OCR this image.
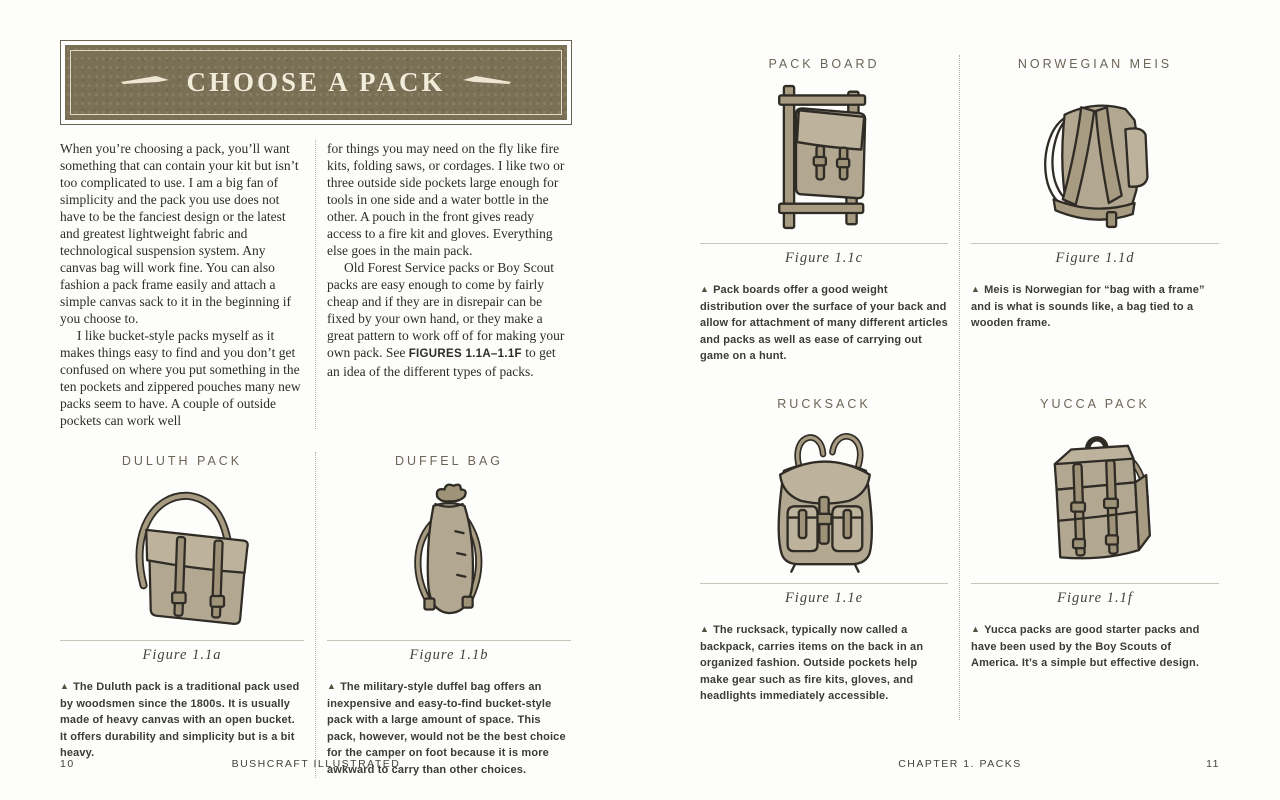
CHOOSE A PACK

When you’re choosing a pack, you’ll want something that can contain your kit but isn’t too complicated to use. I am a big fan of simplicity and the pack you use does not have to be the fanciest design or the latest and greatest lightweight fabric and technological suspension system. Any canvas bag will work fine. You can also fashion a pack frame easily and attach a simple canvas sack to it in the beginning if you choose to.

I like bucket-style packs myself as it makes things easy to find and you don’t get confused on where you put something in the ten pockets and zippered pouches many new packs seem to have. A couple of outside pockets can work well

for things you may need on the fly like fire kits, folding saws, or cordages. I like two or three outside side pockets large enough for tools in one side and a water bottle in the other. A pouch in the front gives ready access to a fire kit and gloves. Everything else goes in the main pack.

Old Forest Service packs or Boy Scout packs are easy enough to come by fairly cheap and if they are in disrepair can be fixed by your own hand, or they make a great pattern to work off of for making your own pack. See FIGURES 1.1A–1.1F to get an idea of the different types of packs.

DULUTH PACK
Figure 1.1a
▲ The Duluth pack is a traditional pack used by woodsmen since the 1800s. It is usually made of heavy canvas with an open bucket. It offers durability and simplicity but is a bit heavy.
DUFFEL BAG
Figure 1.1b
▲ The military-style duffel bag offers an inexpensive and easy-to-find bucket-style pack with a large amount of space. This pack, however, would not be the best choice for the camper on foot because it is more awkward to carry than other choices.
10	BUSHCRAFT ILLUSTRATED
PACK BOARD
Figure 1.1c
▲ Pack boards offer a good weight distribution over the surface of your back and allow for attachment of many different articles and packs as well as ease of carrying out game on a hunt.
NORWEGIAN MEIS
Figure 1.1d
▲ Meis is Norwegian for “bag with a frame” and is what is sounds like, a bag tied to a wooden frame.
RUCKSACK
Figure 1.1e
▲ The rucksack, typically now called a backpack, carries items on the back in an organized fashion. Outside pockets help make gear such as fire kits, gloves, and headlights immediately accessible.
YUCCA PACK
Figure 1.1f
▲ Yucca packs are good starter packs and have been used by the Boy Scouts of America. It’s a simple but effective design.
CHAPTER 1. PACKS	11
